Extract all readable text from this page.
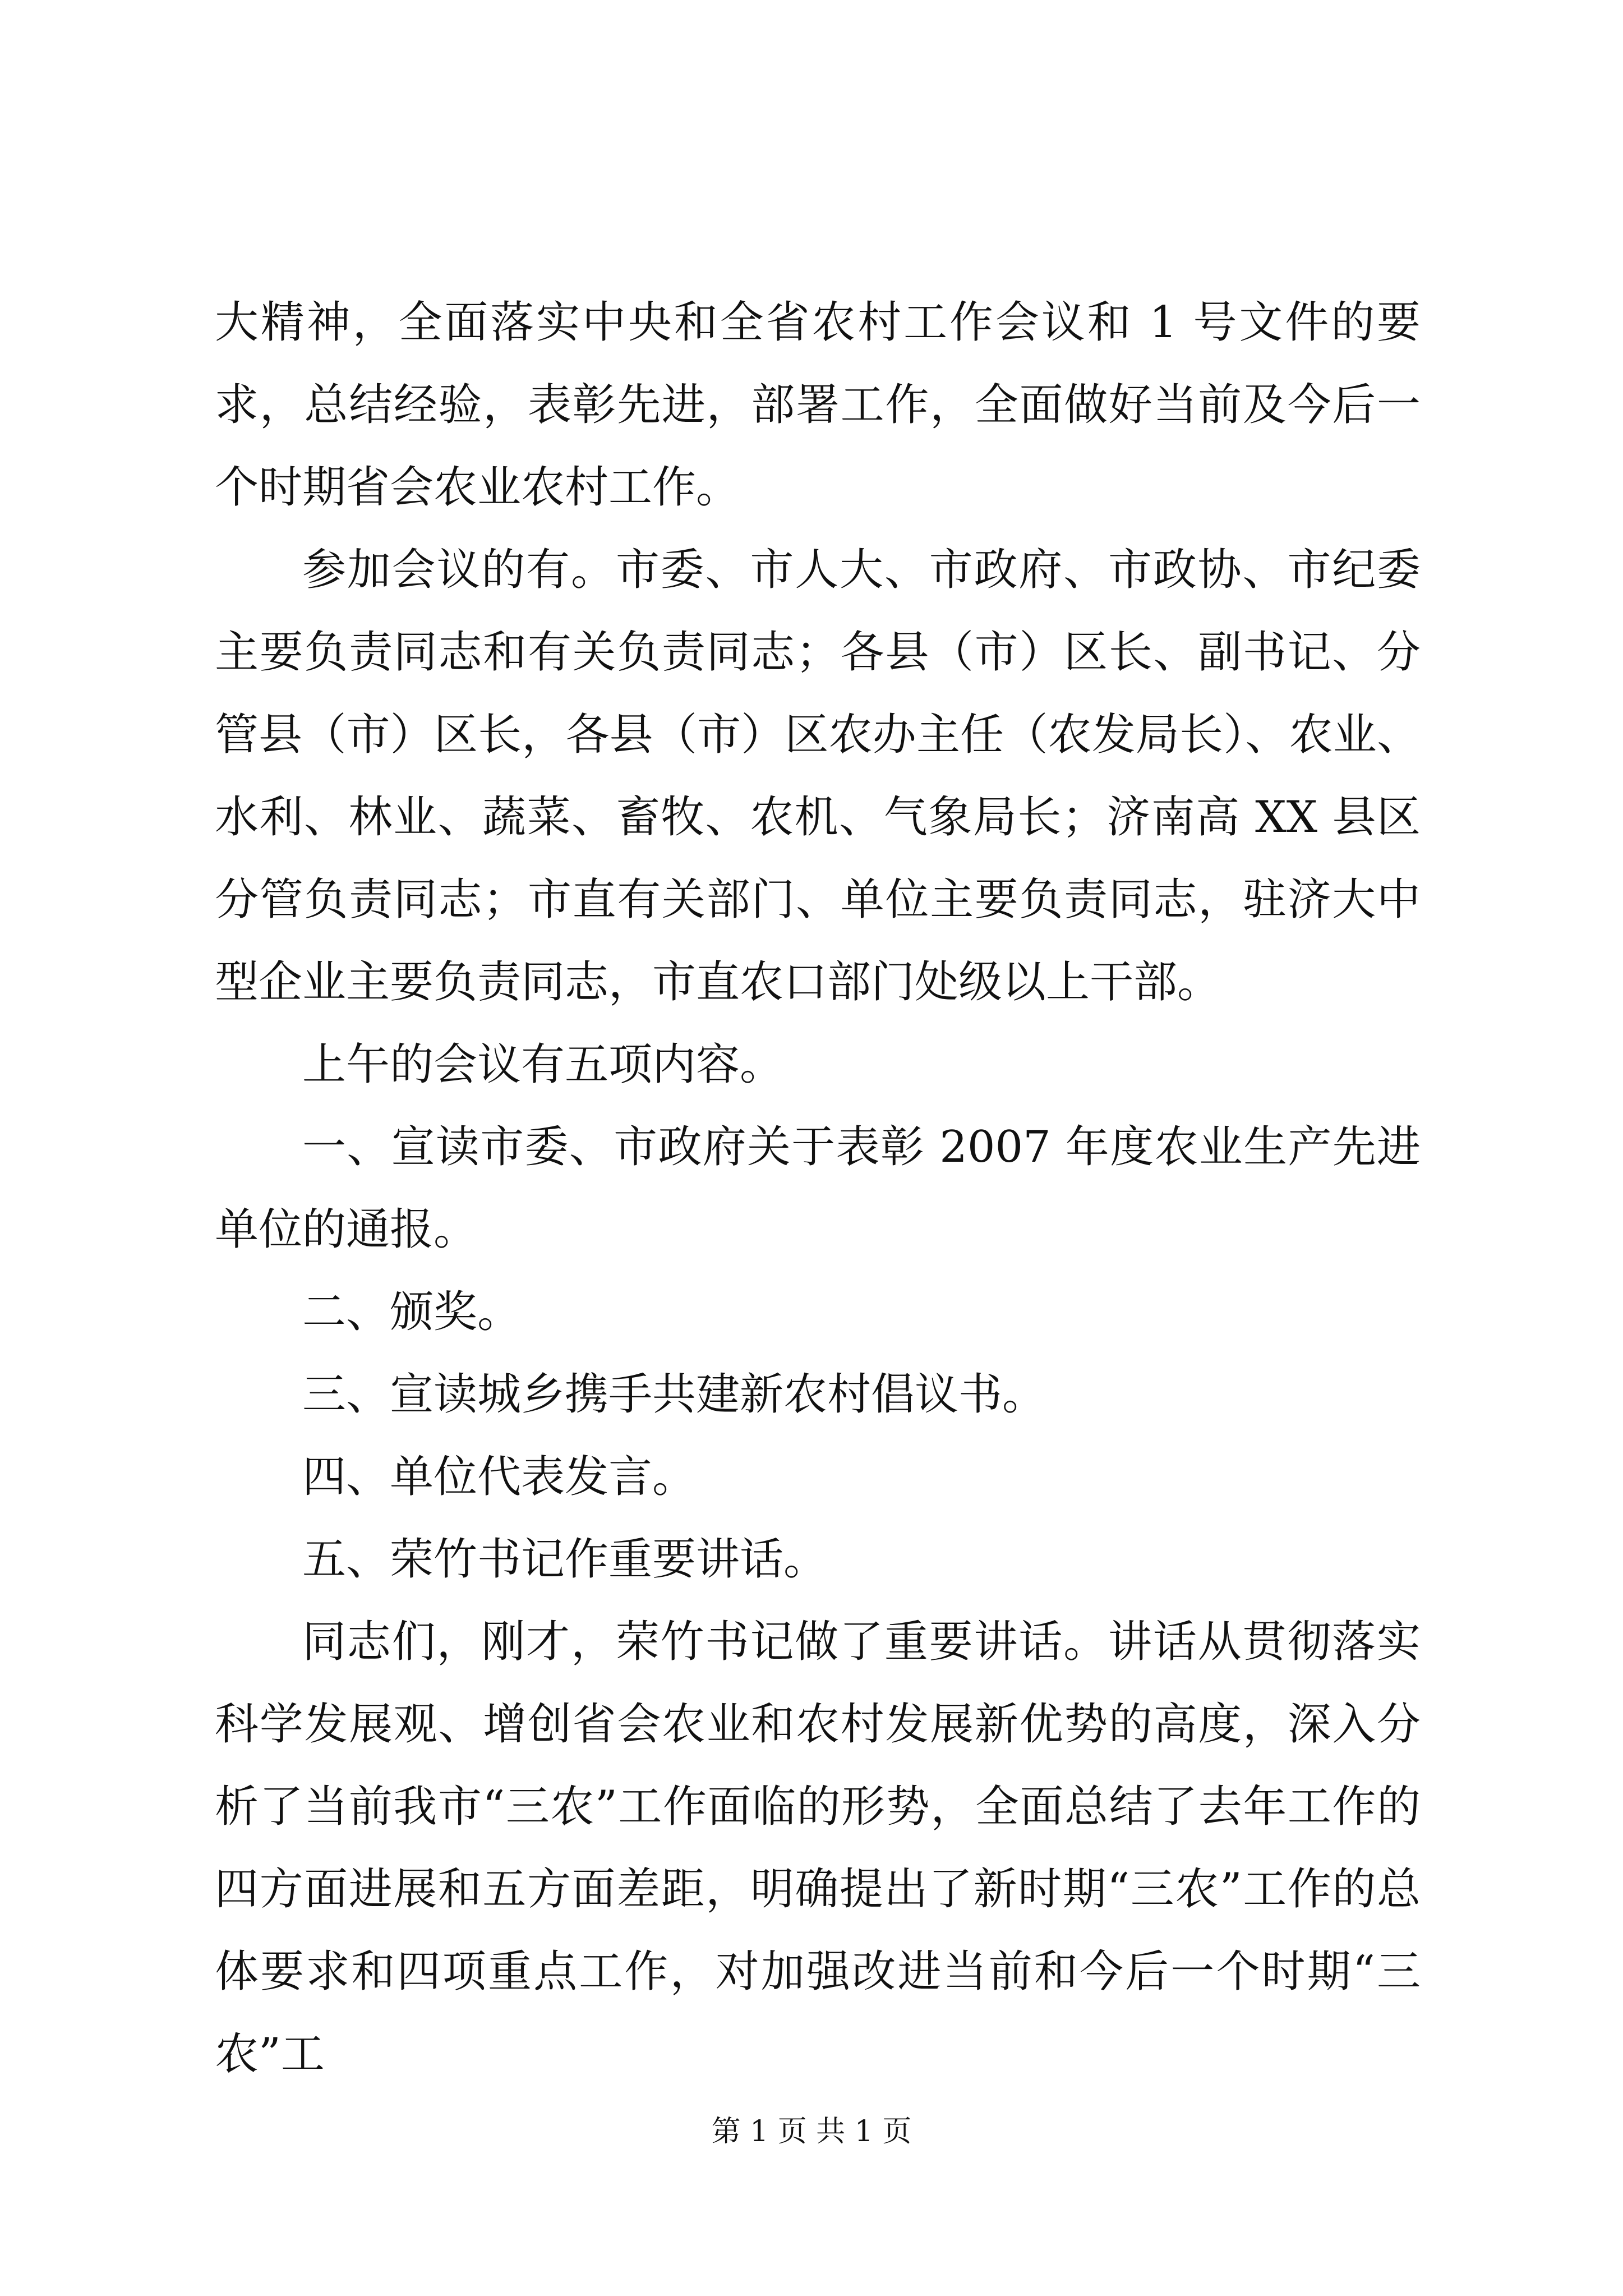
大精神，全面落实中央和全省农村工作会议和 1 号文件的要求，总结经验，表彰先进，部署工作，全面做好当前及今后一个时期省会农业农村工作。

参加会议的有。市委、市人大、市政府、市政协、市纪委主要负责同志和有关负责同志；各县（市）区长、副书记、分管县（市）区长，各县（市）区农办主任（农发局长）、农业、水利、林业、蔬菜、畜牧、农机、气象局长；济南高 XX 县区分管负责同志；市直有关部门、单位主要负责同志，驻济大中型企业主要负责同志，市直农口部门处级以上干部。

上午的会议有五项内容。

一、宣读市委、市政府关于表彰 2007 年度农业生产先进单位的通报。

二、颁奖。

三、宣读城乡携手共建新农村倡议书。

四、单位代表发言。

五、荣竹书记作重要讲话。

同志们，刚才，荣竹书记做了重要讲话。讲话从贯彻落实科学发展观、增创省会农业和农村发展新优势的高度，深入分析了当前我市“三农”工作面临的形势，全面总结了去年工作的四方面进展和五方面差距，明确提出了新时期“三农”工作的总体要求和四项重点工作，对加强改进当前和今后一个时期“三农”工

第 1 页 共 1 页
